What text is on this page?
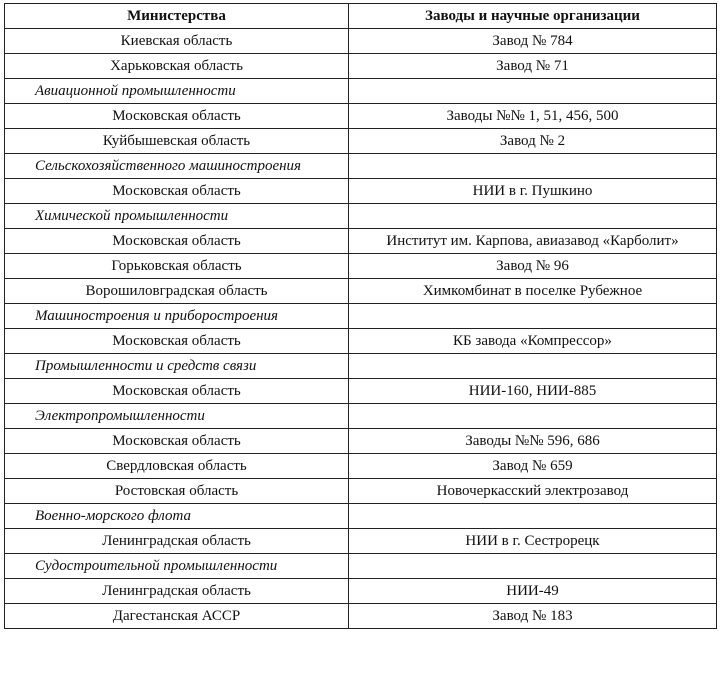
Министерства	Заводы и научные организации
Киевская область	Завод № 784
Харьковская область	Завод № 71
Авиационной промышленности	
Московская область	Заводы №№ 1, 51, 456, 500
Куйбышевская область	Завод № 2
Сельскохозяйственного машиностроения	
Московская область	НИИ в г. Пушкино
Химической промышленности	
Московская область	Институт им. Карпова, авиазавод «Карболит»
Горьковская область	Завод № 96
Ворошиловградская область	Химкомбинат в поселке Рубежное
Машиностроения и приборостроения	
Московская область	КБ завода «Компрессор»
Промышленности и средств связи	
Московская область	НИИ-160, НИИ-885
Электропромышленности	
Московская область	Заводы №№ 596, 686
Свердловская область	Завод № 659
Ростовская область	Новочеркасский электрозавод
Военно-морского флота	
Ленинградская область	НИИ в г. Сестрорецк
Судостроительной промышленности	
Ленинградская область	НИИ-49
Дагестанская АССР	Завод № 183
